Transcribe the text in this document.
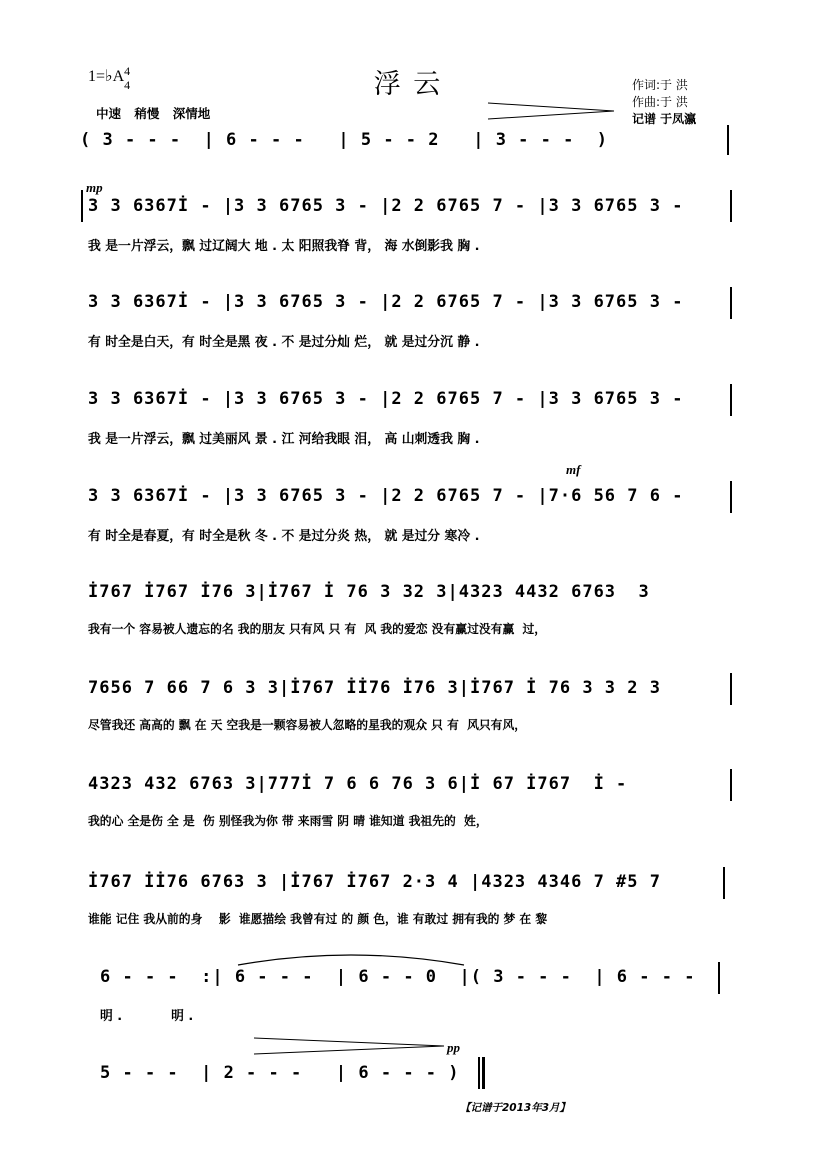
浮 云
1=♭A 4
4
中速 稍慢 深情地
作词:于 洪
作曲:于 洪
记谱 于凤瀛
( 3 - - -  | 6 - - -   | 5 - - 2   | 3 - - -  )
mp
3 3 6367İ - |3 3 6765 3 - |2 2 6765 7 - |3 3 6765 3 -
我 是一片浮云，飘 过辽阔大 地 . 太 阳照我脊 背， 海 水倒影我 胸 .
3 3 6367İ - |3 3 6765 3 - |2 2 6765 7 - |3 3 6765 3 -
有 时全是白天，有 时全是黑 夜 . 不 是过分灿 烂， 就 是过分沉 静 .
3 3 6367İ - |3 3 6765 3 - |2 2 6765 7 - |3 3 6765 3 -
我 是一片浮云，飘 过美丽风 景 . 江 河给我眼 泪， 高 山刺透我 胸 .
mf
3 3 6367İ - |3 3 6765 3 - |2 2 6765 7 - |7·6 56 7 6 -
有 时全是春夏，有 时全是秋 冬 . 不 是过分炎 热， 就 是过分 寒冷 .
İ767 İ767 İ76 3|İ767 İ 76 3 32 3|4323 4432 6763  3
我有一个 容易被人遗忘的名 我的朋友 只有风 只 有  风 我的爱恋 没有赢过没有赢  过，
7656 7 66 7 6 3 3|İ767 İİ76 İ76 3|İ767 İ 76 3 3 2 3
尽管我还 高高的 飘 在 天 空我是一颗容易被人忽略的星我的观众 只 有  风只有风，
4323 432 6763 3|777İ 7 6 6 76 3 6|İ 67 İ767  İ -
我的心 全是伤 全 是  伤 别怪我为你 带 来雨雪 阴 晴 谁知道 我祖先的  姓，
İ767 İİ76 6763 3 |İ767 İ767 2·3 4 |4323 4346 7 #5 7
谁能 记住 我从前的身    影  谁愿描绘 我曾有过 的 颜 色，谁 有敢过 拥有我的 梦 在 黎
6 - - -  :| 6 - - -  | 6 - - 0  |( 3 - - -  | 6 - - -
明 .           明 .
pp
5 - - -  | 2 - - -   | 6 - - - )
【记谱于2013年3月】
